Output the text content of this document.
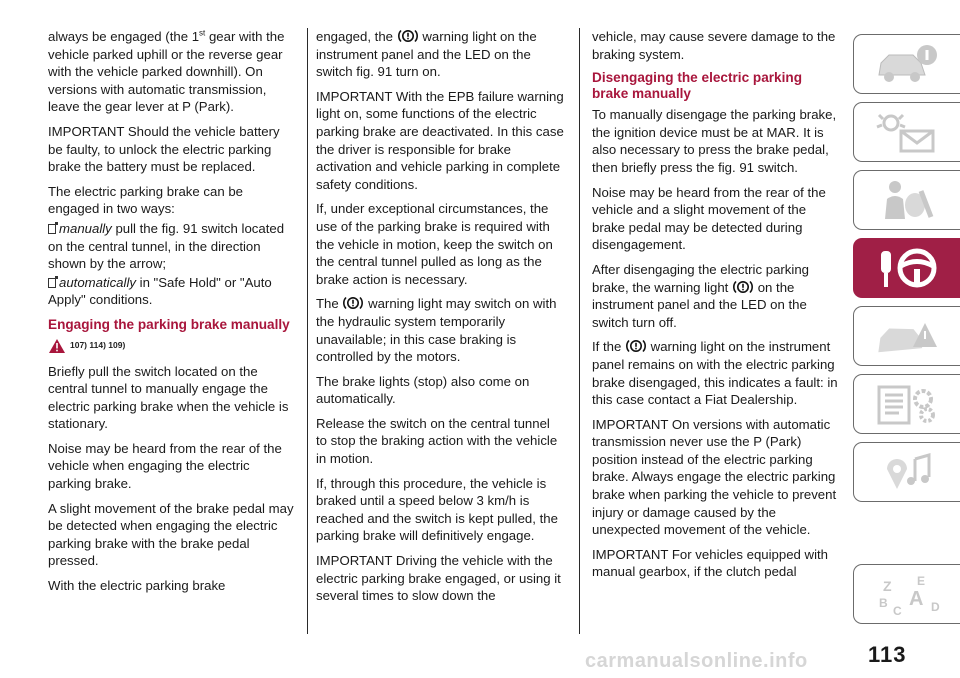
always be engaged (the 1st gear with the vehicle parked uphill or the reverse gear with the vehicle parked downhill). On versions with automatic transmission, leave the gear lever at P (Park).

IMPORTANT Should the vehicle battery be faulty, to unlock the electric parking brake the battery must be replaced.

The electric parking brake can be engaged in two ways:

manually pull the fig. 91 switch located on the central tunnel, in the direction shown by the arrow;
automatically in "Safe Hold" or "Auto Apply" conditions.
Engaging the parking brake manually
107) 114) 109)

Briefly pull the switch located on the central tunnel to manually engage the electric parking brake when the vehicle is stationary.

Noise may be heard from the rear of the vehicle when engaging the electric parking brake.

A slight movement of the brake pedal may be detected when engaging the electric parking brake with the brake pedal pressed.

With the electric parking brake

engaged, the warning light on the instrument panel and the LED on the switch fig. 91 turn on.

IMPORTANT With the EPB failure warning light on, some functions of the electric parking brake are deactivated. In this case the driver is responsible for brake activation and vehicle parking in complete safety conditions.

If, under exceptional circumstances, the use of the parking brake is required with the vehicle in motion, keep the switch on the central tunnel pulled as long as the brake action is necessary.

The warning light may switch on with the hydraulic system temporarily unavailable; in this case braking is controlled by the motors.

The brake lights (stop) also come on automatically.

Release the switch on the central tunnel to stop the braking action with the vehicle in motion.

If, through this procedure, the vehicle is braked until a speed below 3 km/h is reached and the switch is kept pulled, the parking brake will definitively engage.

IMPORTANT Driving the vehicle with the electric parking brake engaged, or using it several times to slow down the

vehicle, may cause severe damage to the braking system.

Disengaging the electric parking brake manually

To manually disengage the parking brake, the ignition device must be at MAR. It is also necessary to press the brake pedal, then briefly press the fig. 91 switch.

Noise may be heard from the rear of the vehicle and a slight movement of the brake pedal may be detected during disengagement.

After disengaging the electric parking brake, the warning light on the instrument panel and the LED on the switch turn off.

If the warning light on the instrument panel remains on with the electric parking brake disengaged, this indicates a fault: in this case contact a Fiat Dealership.

IMPORTANT On versions with automatic transmission never use the P (Park) position instead of the electric parking brake. Always engage the electric parking brake when parking the vehicle to prevent injury or damage caused by the unexpected movement of the vehicle.

IMPORTANT For vehicles equipped with manual gearbox, if the clutch pedal

Z E
A
B
C D
carmanualsonline.info	113
